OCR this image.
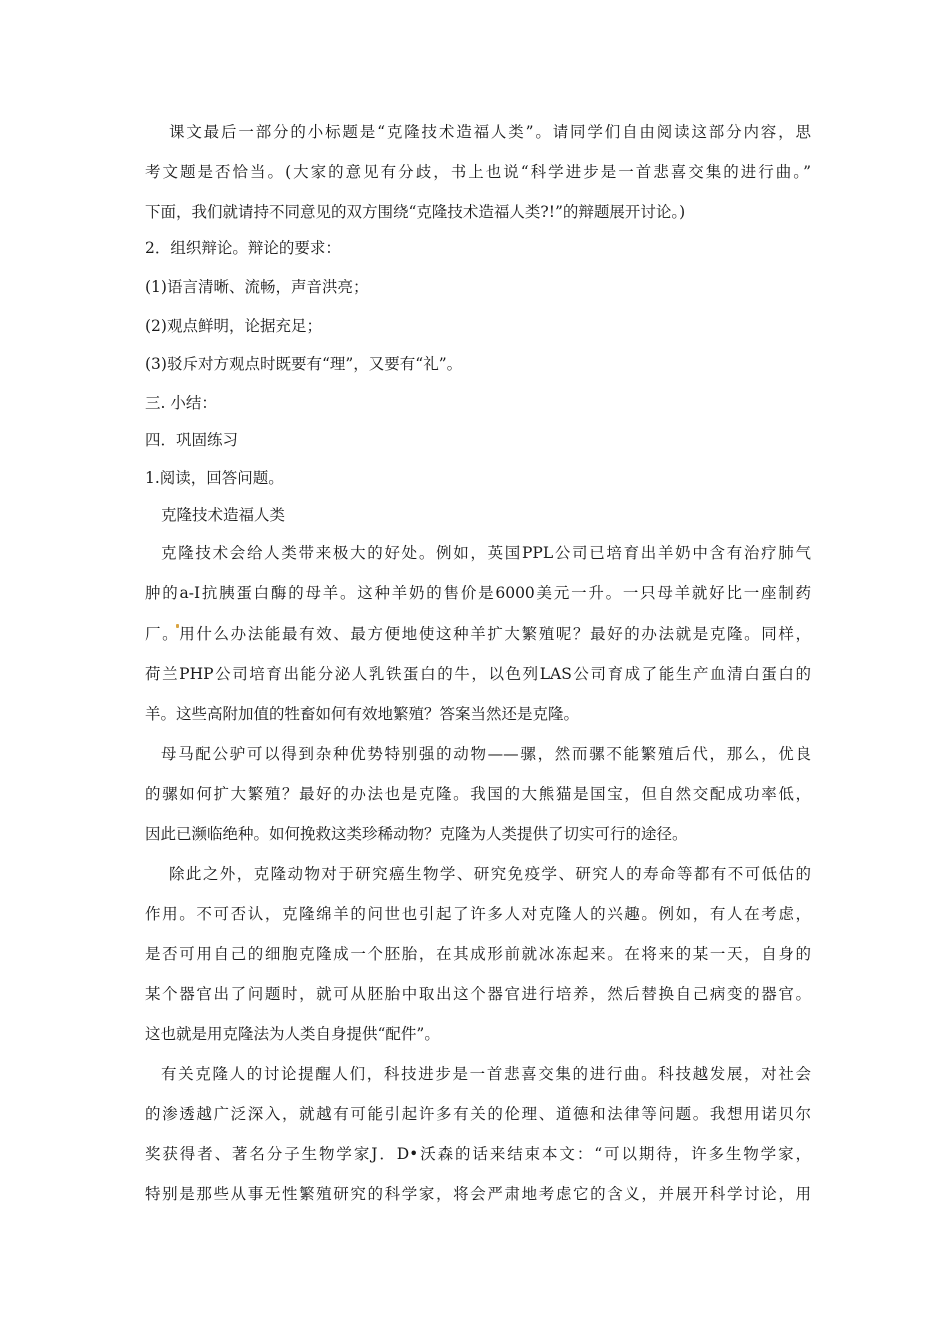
课文最后一部分的小标题是“克隆技术造福人类”。请同学们自由阅读这部分内容，思
考文题是否恰当。(大家的意见有分歧，书上也说“科学进步是一首悲喜交集的进行曲。”
下面，我们就请持不同意见的双方围绕“克隆技术造福人类?!”的辩题展开讨论。)
2．组织辩论。辩论的要求：
(1)语言清晰、流畅，声音洪亮；
(2)观点鲜明，论据充足；
(3)驳斥对方观点时既要有“理”，又要有“礼”。
三. 小结：
四．巩固练习
1.阅读，回答问题。
克隆技术造福人类
克隆技术会给人类带来极大的好处。例如，英国PPL公司已培育出羊奶中含有治疗肺气
肿的a-I抗胰蛋白酶的母羊。这种羊奶的售价是6000美元一升。一只母羊就好比一座制药
厂。用什么办法能最有效、最方便地使这种羊扩大繁殖呢？最好的办法就是克隆。同样，
荷兰PHP公司培育出能分泌人乳铁蛋白的牛，以色列LAS公司育成了能生产血清白蛋白的
羊。这些高附加值的牲畜如何有效地繁殖？答案当然还是克隆。
母马配公驴可以得到杂种优势特别强的动物——骡，然而骡不能繁殖后代，那么，优良
的骡如何扩大繁殖？最好的办法也是克隆。我国的大熊猫是国宝，但自然交配成功率低，
因此已濒临绝种。如何挽救这类珍稀动物？克隆为人类提供了切实可行的途径。
除此之外，克隆动物对于研究癌生物学、研究免疫学、研究人的寿命等都有不可低估的
作用。不可否认，克隆绵羊的问世也引起了许多人对克隆人的兴趣。例如，有人在考虑，
是否可用自己的细胞克隆成一个胚胎，在其成形前就冰冻起来。在将来的某一天，自身的
某个器官出了问题时，就可从胚胎中取出这个器官进行培养，然后替换自己病变的器官。
这也就是用克隆法为人类自身提供“配件”。
有关克隆人的讨论提醒人们，科技进步是一首悲喜交集的进行曲。科技越发展，对社会
的渗透越广泛深入，就越有可能引起许多有关的伦理、道德和法律等问题。我想用诺贝尔
奖获得者、著名分子生物学家J．D•沃森的话来结束本文：“可以期待，许多生物学家，
特别是那些从事无性繁殖研究的科学家，将会严肃地考虑它的含义，并展开科学讨论，用
